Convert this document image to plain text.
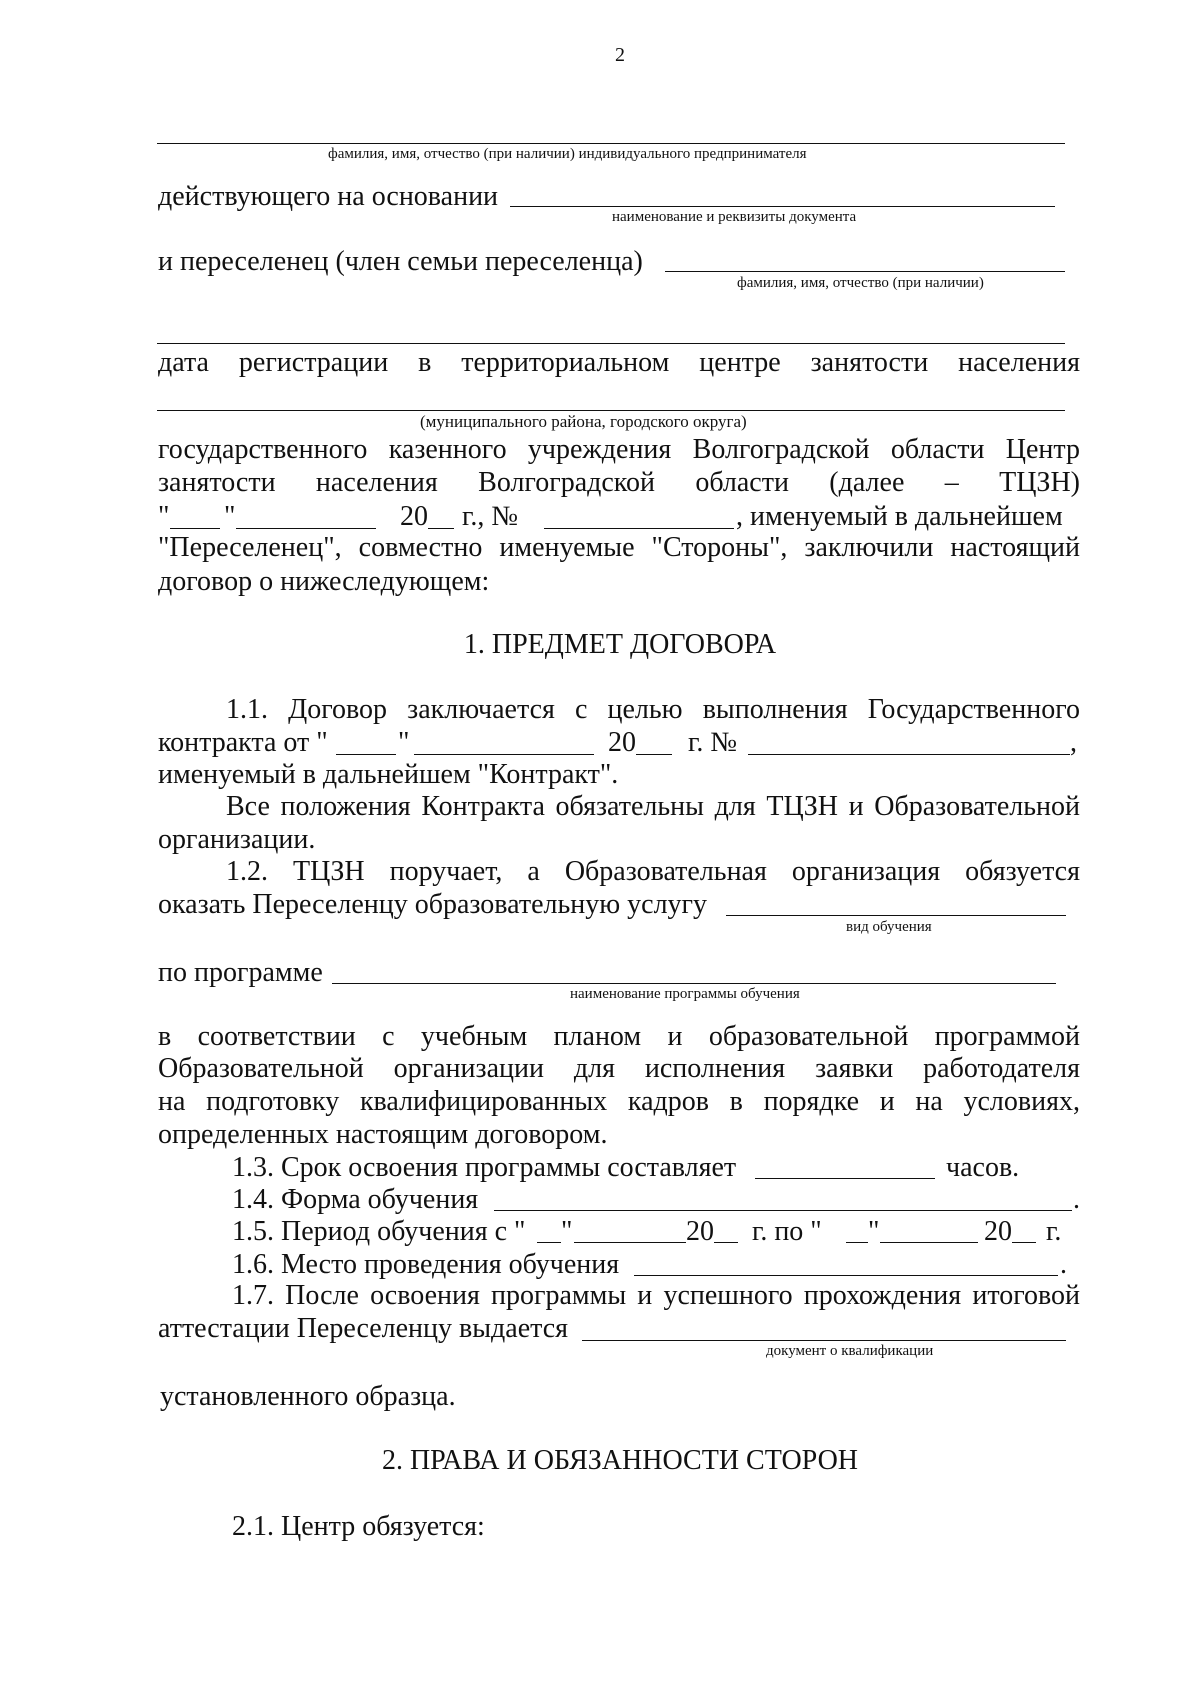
2
фамилия, имя, отчество (при наличии) индивидуального предпринимателя
действующего на основании
наименование и реквизиты документа
и переселенец (член семьи переселенца)
фамилия, имя, отчество (при наличии)
дата регистрации в территориальном центре занятости населения
(муниципального района, городского округа)
государственного казенного учреждения Волгоградской области Центр
занятости населения Волгоградской области (далее – ТЦЗН)
" "	20 г., №	, именуемый в дальнейшем
"Переселенец", совместно именуемые "Стороны", заключили настоящий
договор о нижеследующем:
1. ПРЕДМЕТ ДОГОВОРА
1.1. Договор заключается с целью выполнения Государственного
контракта от "	"	20 г. №	,
именуемый в дальнейшем "Контракт".
Все положения Контракта обязательны для ТЦЗН и Образовательной
организации.
1.2. ТЦЗН поручает, а Образовательная организация обязуется
оказать Переселенцу образовательную услугу
вид обучения
по программе
наименование программы обучения
в соответствии с учебным планом и образовательной программой
Образовательной организации для исполнения заявки работодателя
на подготовку квалифицированных кадров в порядке и на условиях,
определенных настоящим договором.
1.3. Срок освоения программы составляет	часов.
1.4. Форма обучения	.
1.5. Период обучения с " "	20 г. по " "	20 г.
1.6. Место проведения обучения	.
1.7. После освоения программы и успешного прохождения итоговой
аттестации Переселенцу выдается
документ о квалификации
установленного образца.
2. ПРАВА И ОБЯЗАННОСТИ СТОРОН
2.1. Центр обязуется:
